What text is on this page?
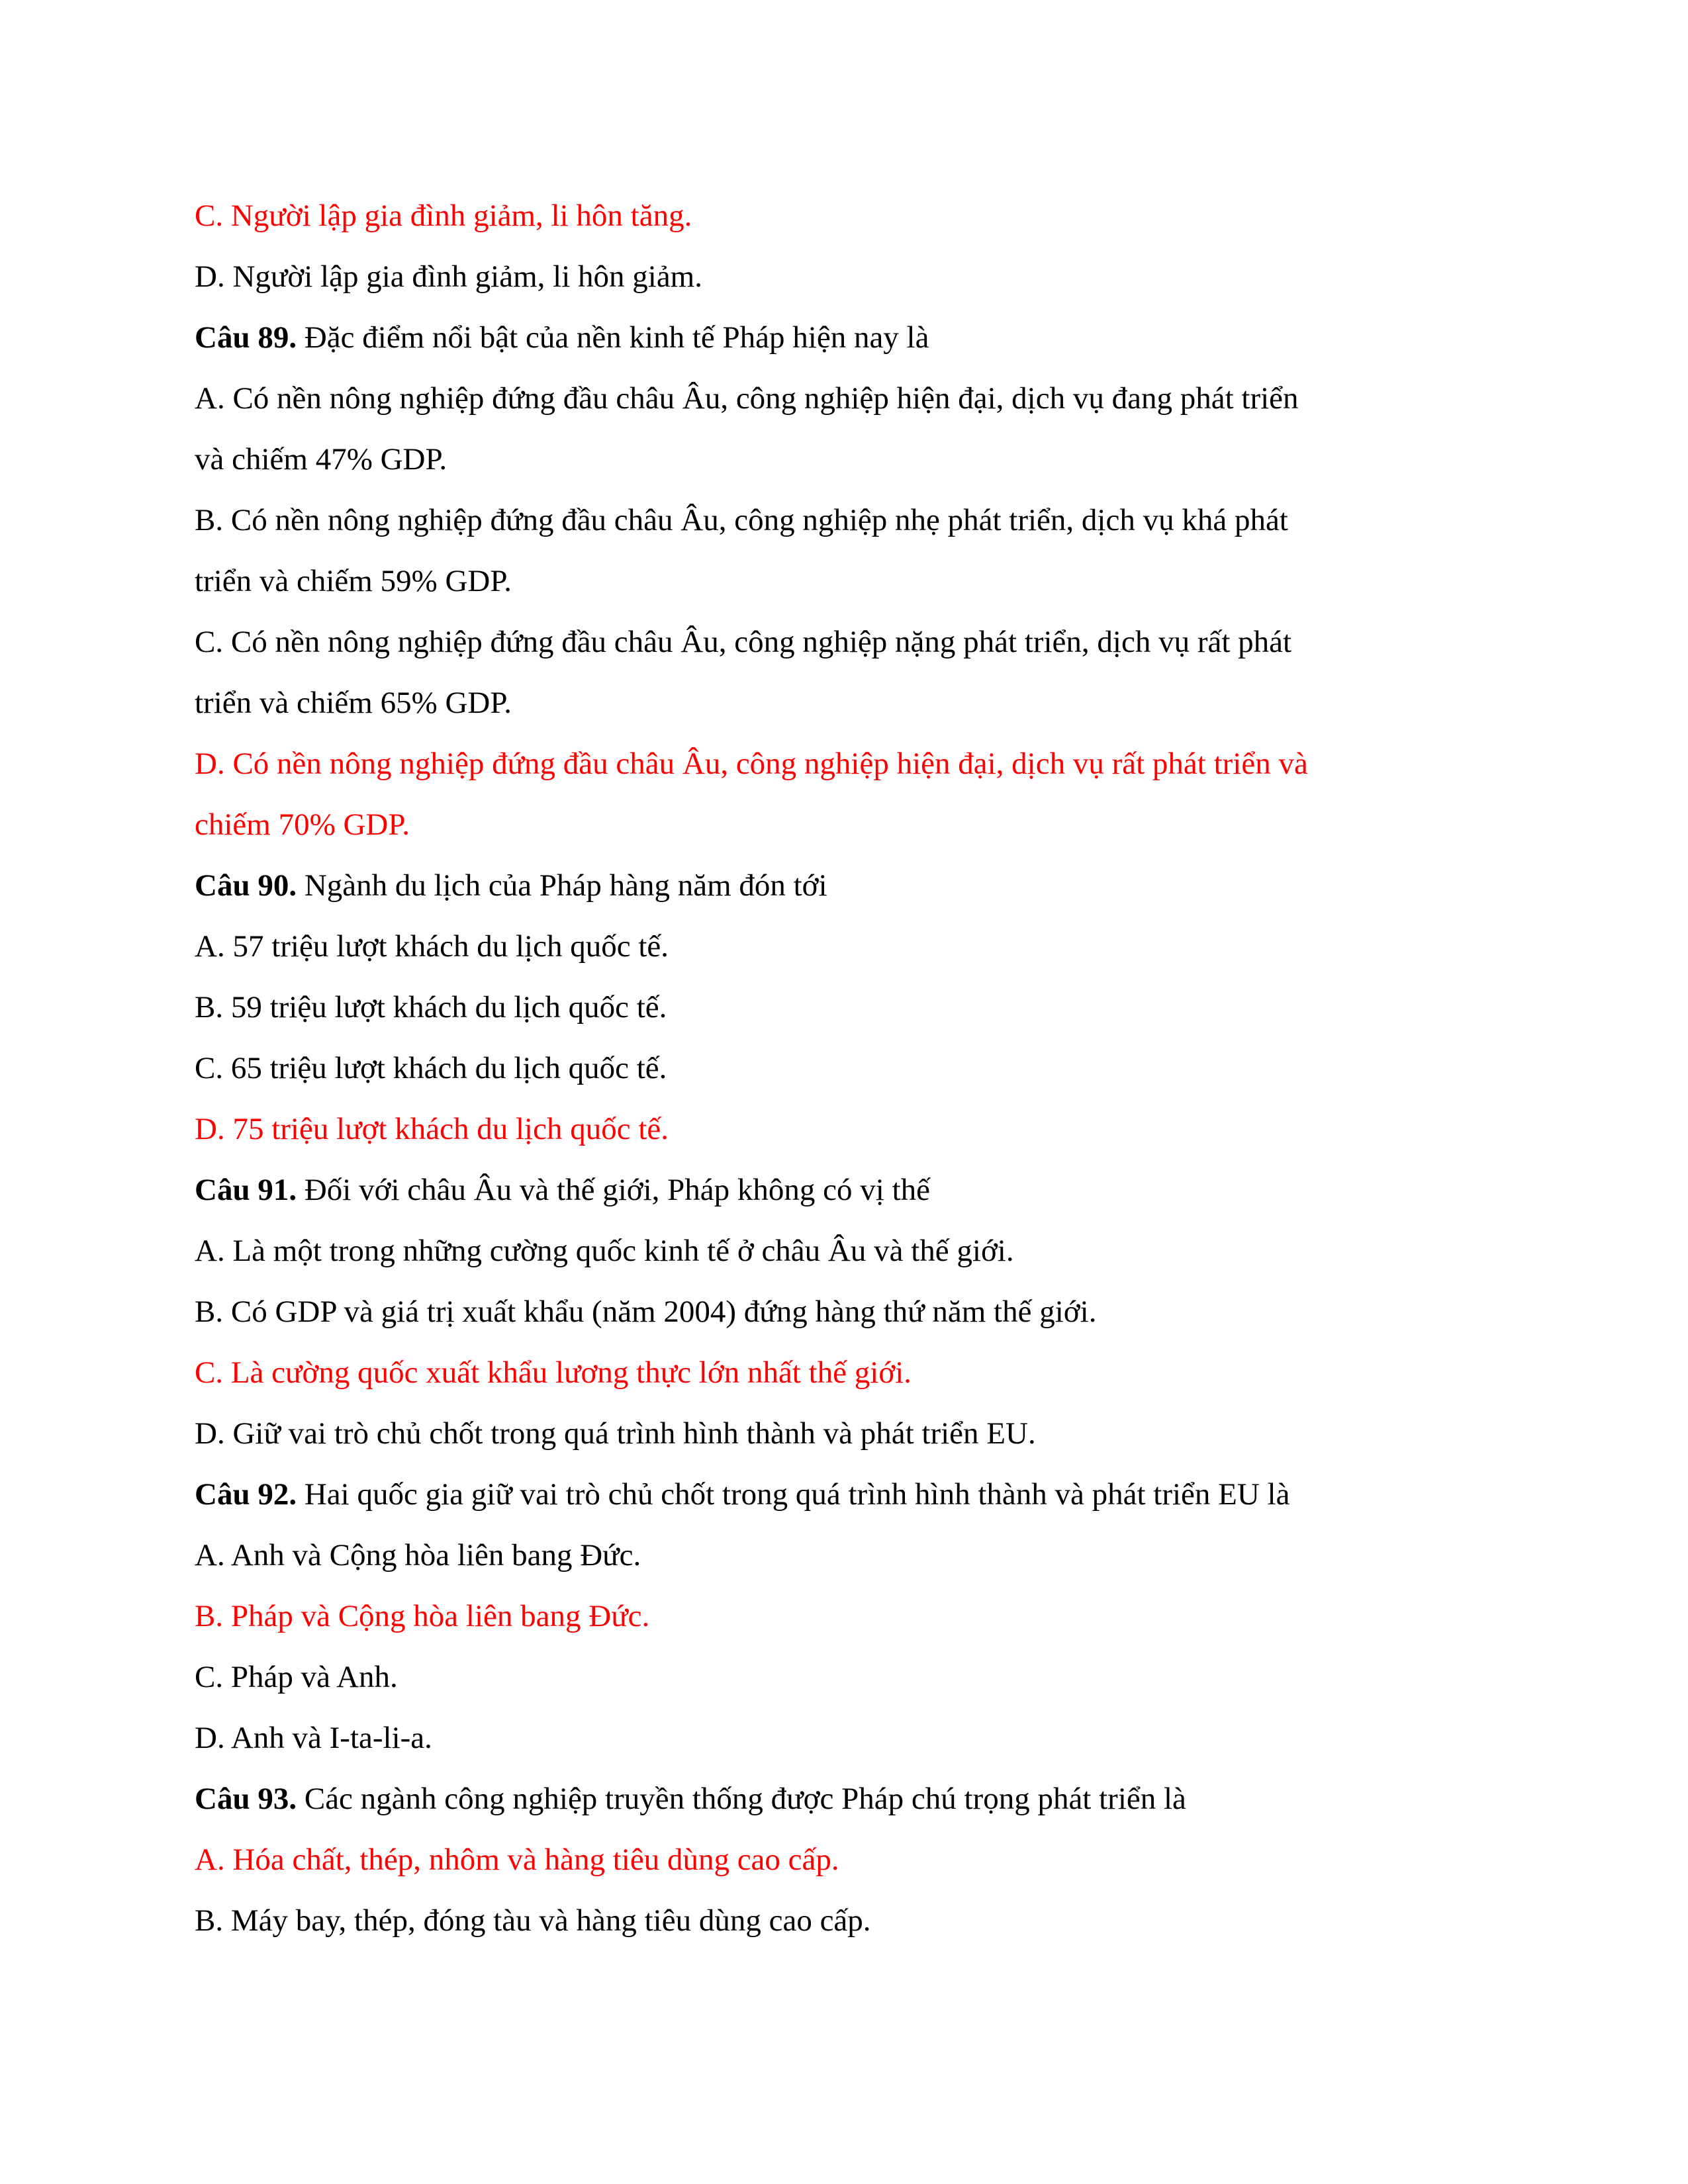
C. Người lập gia đình giảm, li hôn tăng.
D. Người lập gia đình giảm, li hôn giảm.
Câu 89. Đặc điểm nổi bật của nền kinh tế Pháp hiện nay là
A. Có nền nông nghiệp đứng đầu châu Âu, công nghiệp hiện đại, dịch vụ đang phát triển
và chiếm 47% GDP.
B. Có nền nông nghiệp đứng đầu châu Âu, công nghiệp nhẹ phát triển, dịch vụ khá phát
triển và chiếm 59% GDP.
C. Có nền nông nghiệp đứng đầu châu Âu, công nghiệp nặng phát triển, dịch vụ rất phát
triển và chiếm 65% GDP.
D. Có nền nông nghiệp đứng đầu châu Âu, công nghiệp hiện đại, dịch vụ rất phát triển và
chiếm 70% GDP.
Câu 90. Ngành du lịch của Pháp hàng năm đón tới
A. 57 triệu lượt khách du lịch quốc tế.
B. 59 triệu lượt khách du lịch quốc tế.
C. 65 triệu lượt khách du lịch quốc tế.
D. 75 triệu lượt khách du lịch quốc tế.
Câu 91. Đối với châu Âu và thế giới, Pháp không có vị thế
A. Là một trong những cường quốc kinh tế ở châu Âu và thế giới.
B. Có GDP và giá trị xuất khẩu (năm 2004) đứng hàng thứ năm thế giới.
C. Là cường quốc xuất khẩu lương thực lớn nhất thế giới.
D. Giữ vai trò chủ chốt trong quá trình hình thành và phát triển EU.
Câu 92. Hai quốc gia giữ vai trò chủ chốt trong quá trình hình thành và phát triển EU là
A. Anh và Cộng hòa liên bang Đức.
B. Pháp và Cộng hòa liên bang Đức.
C. Pháp và Anh.
D. Anh và I-ta-li-a.
Câu 93. Các ngành công nghiệp truyền thống được Pháp chú trọng phát triển là
A. Hóa chất, thép, nhôm và hàng tiêu dùng cao cấp.
B. Máy bay, thép, đóng tàu và hàng tiêu dùng cao cấp.
